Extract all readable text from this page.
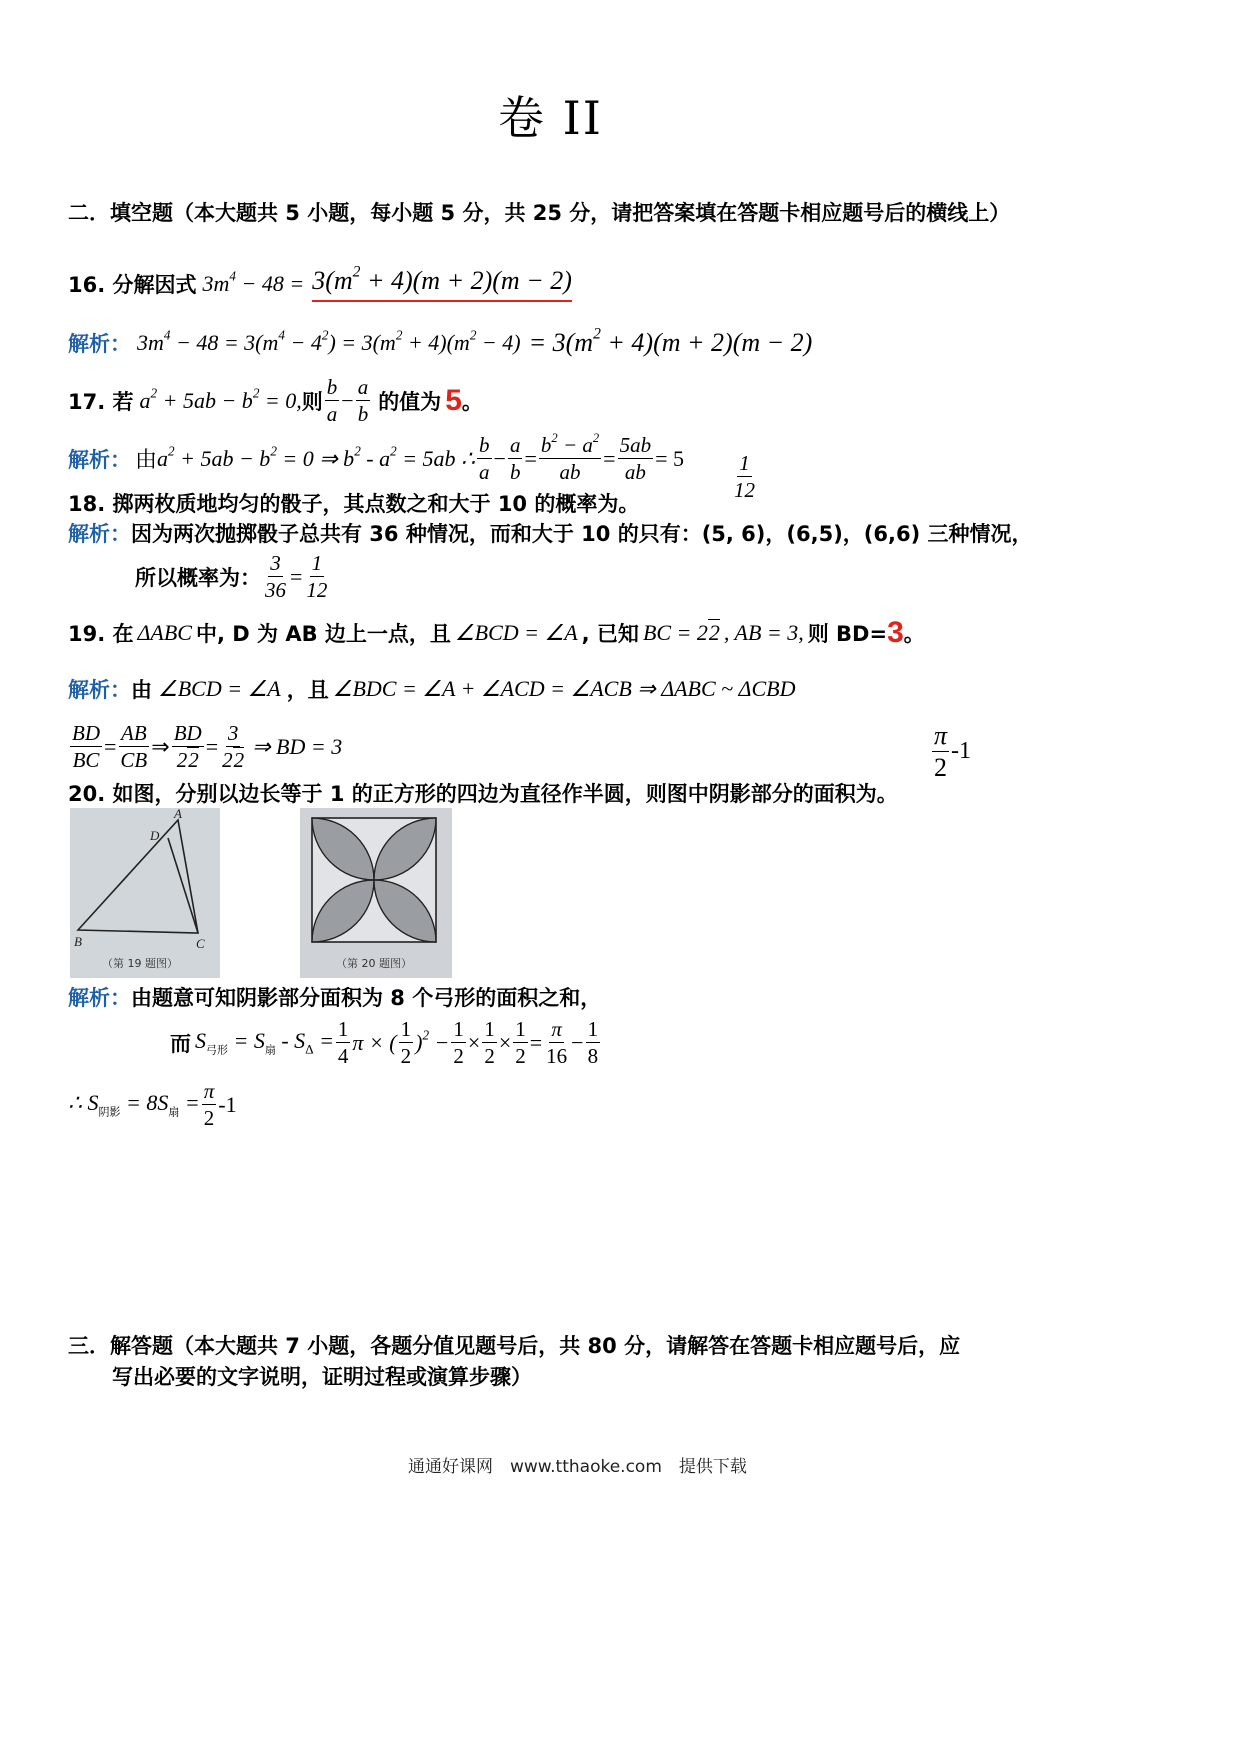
卷 II
二．填空题（本大题共 5 小题，每小题 5 分，共 25 分，请把答案填在答题卡相应题号后的横线上）
16. 分解因式 $3m^4 - 48 = 3(m^2 + 4)(m + 2)(m - 2)$
解析： $3m^4 - 48 = 3(m^4 - 4^2) = 3(m^2 + 4)(m^2 - 4) = 3(m^2 + 4)(m + 2)(m - 2)$
17. 若 $a^2 + 5ab - b^2 = 0$, 则
b
a
− $\frac{a}{b}$ 的值为 5 。
解析： 由 $a^2 + 5ab - b^2 = 0$ ⇒ $b^2 - a^2 = 5ab$ ∴
b
a
− $\frac{a}{b} = \frac{b^2 - a^2}{ab} = \frac{5ab}{ab} = 5 \frac{1}{12}$
18. 掷两枚质地均匀的骰子，其点数之和大于 10 的概率为。
解析： 因为两次抛掷骰子总共有 36 种情况，而和大于 10 的只有：(5, 6)，(6,5)，(6,6) 三种情况，
所以概率为： $\frac{3}{36} = \frac{1}{12}$
19. 在 ΔABC 中, D 为 AB 边上一点，且 ∠BCD = ∠A , 已知 BC = 22 , AB = 3, 则 BD= 3 。
解析： 由 ∠BCD = ∠A ，且 ∠BDC = ∠A + ∠ACD = ∠ACB ⇒ ΔABC ~ ΔCBD
$\frac{BD}{BC} = \frac{AB}{CB}$ ⇒ $\frac{BD}{22} = \frac{3}{22}$ ⇒ BD = 3	π
2
-1
20. 如图，分别以边长等于 1 的正方形的四边为直径作半圆，则图中阴影部分的面积为。
A
D
B	C
（第 19 题图）	（第 20 题图）
解析： 由题意可知阴影部分面积为 8 个弓形的面积之和，
而 $S_{弓形} = S_扇 - S_\Delta = \frac{1}{4}$ π × (
1
2
)$^2 - \frac{1}{2} \times \frac{1}{2} \times \frac{1}{2} = \frac{\pi}{16} - \frac{1}{8}$
∴ $S_{阴影} = 8S_扇 = \frac{\pi}{2} -1$
三．解答题（本大题共 7 小题，各题分值见题号后，共 80 分，请解答在答题卡相应题号后，应
写出必要的文字说明，证明过程或演算步骤）
通通好课网　www.tthaoke.com　提供下载
